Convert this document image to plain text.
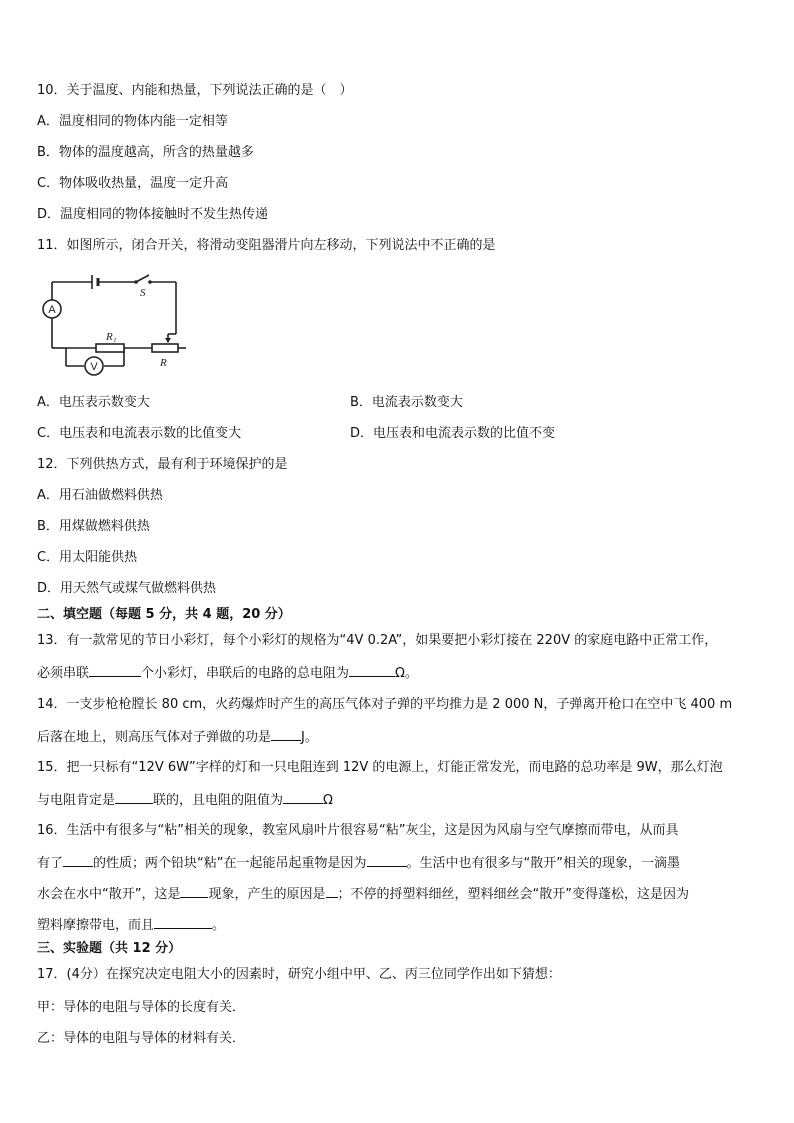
10．关于温度、内能和热量，下列说法正确的是（　）
A．温度相同的物体内能一定相等
B．物体的温度越高，所含的热量越多
C．物体吸收热量，温度一定升高
D．温度相同的物体接触时不发生热传递
11．如图所示，闭合开关，将滑动变阻器滑片向左移动，下列说法中不正确的是
S
A
R₁
V	R
A．电压表示数变大	B．电流表示数变大
C．电压表和电流表示数的比值变大	D．电压表和电流表示数的比值不变
12．下列供热方式，最有利于环境保护的是
A．用石油做燃料供热
B．用煤做燃料供热
C．用太阳能供热
D．用天然气或煤气做燃料供热
二、填空题（每题 5 分，共 4 题，20 分）
13．有一款常见的节日小彩灯，每个小彩灯的规格为“4V 0.2A”，如果要把小彩灯接在 220V 的家庭电路中正常工作，
必须串联	个小彩灯，串联后的电路的总电阻为	Ω。
14．一支步枪枪膛长 80 cm，火药爆炸时产生的高压气体对子弹的平均推力是 2 000 N，子弹离开枪口在空中飞 400 m
后落在地上，则高压气体对子弹做的功是 J。
15．把一只标有“12V 6W”字样的灯和一只电阻连到 12V 的电源上，灯能正常发光，而电路的总功率是 9W，那么灯泡
与电阻肯定是	联的，且电阻的阻值为	Ω
16．生活中有很多与“粘”相关的现象，教室风扇叶片很容易“粘”灰尘，这是因为风扇与空气摩擦而带电，从而具
有了 的性质；两个铅块“粘”在一起能吊起重物是因为	。生活中也有很多与“散开”相关的现象，一滴墨
水会在水中“散开”，这是 现象，产生的原因是 ；不停的捋塑料细丝，塑料细丝会“散开”变得蓬松，这是因为
塑料摩擦带电，而且	。
三、实验题（共 12 分）
17．(4分）在探究决定电阻大小的因素时，研究小组中甲、乙、丙三位同学作出如下猜想：
甲：导体的电阻与导体的长度有关．
乙：导体的电阻与导体的材料有关．
